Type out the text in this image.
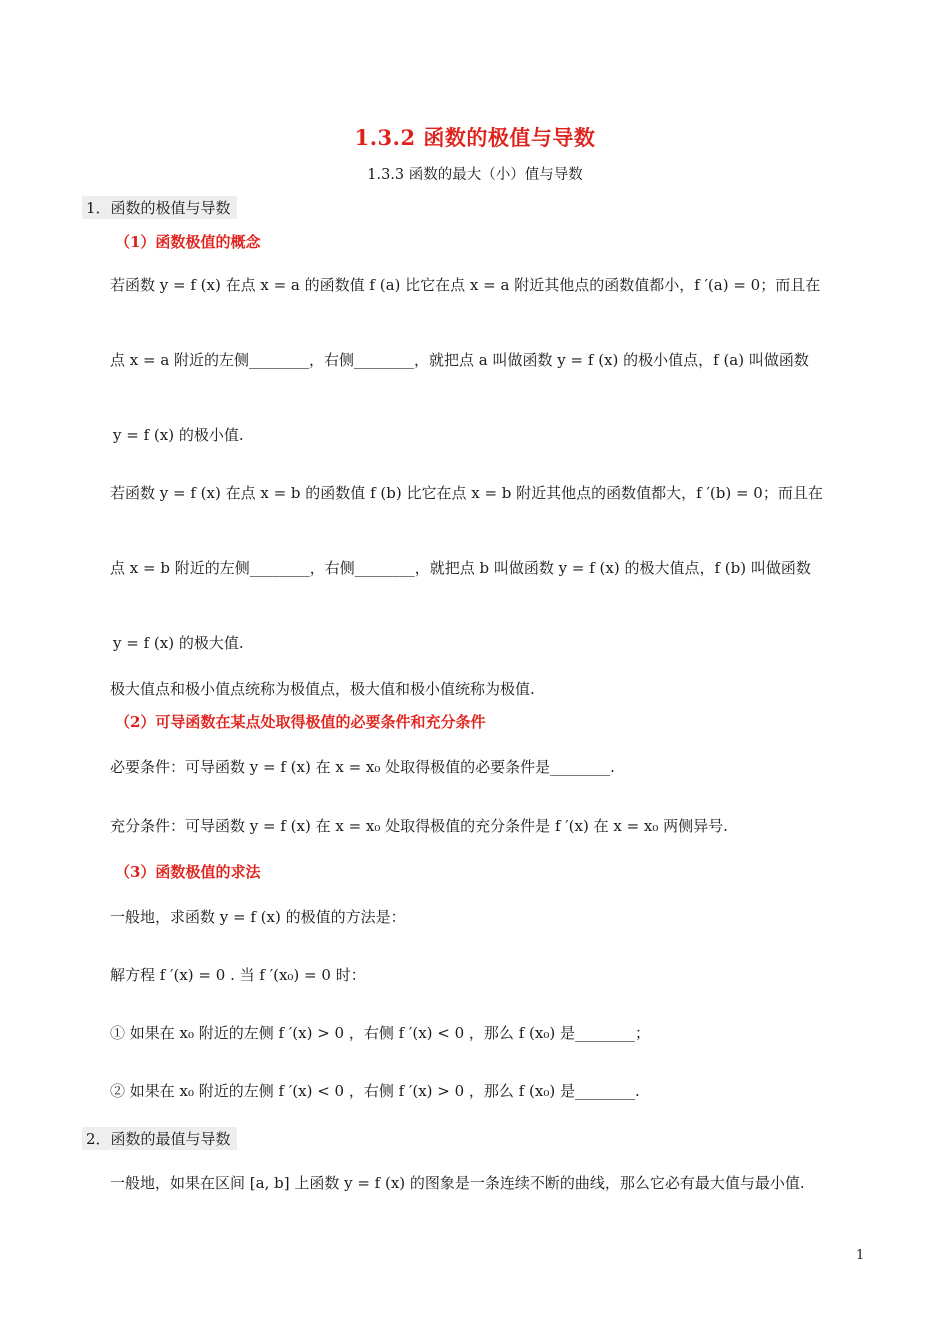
1.3.2 函数的极值与导数
1.3.3 函数的最大（小）值与导数
1．函数的极值与导数
（1）函数极值的概念
若函数 y = f (x) 在点 x = a 的函数值 f (a) 比它在点 x = a 附近其他点的函数值都小，f ′(a) = 0；而且在
点 x = a 附近的左侧________，右侧________，就把点 a 叫做函数 y = f (x) 的极小值点，f (a) 叫做函数
y = f (x) 的极小值.
若函数 y = f (x) 在点 x = b 的函数值 f (b) 比它在点 x = b 附近其他点的函数值都大，f ′(b) = 0；而且在
点 x = b 附近的左侧________，右侧________，就把点 b 叫做函数 y = f (x) 的极大值点，f (b) 叫做函数
y = f (x) 的极大值.
极大值点和极小值点统称为极值点，极大值和极小值统称为极值.
（2）可导函数在某点处取得极值的必要条件和充分条件
必要条件：可导函数 y = f (x) 在 x = x₀ 处取得极值的必要条件是________.
充分条件：可导函数 y = f (x) 在 x = x₀ 处取得极值的充分条件是 f ′(x) 在 x = x₀ 两侧异号.
（3）函数极值的求法
一般地，求函数 y = f (x) 的极值的方法是：
解方程 f ′(x) = 0 . 当 f ′(x₀) = 0 时：
① 如果在 x₀ 附近的左侧 f ′(x) > 0 ，右侧 f ′(x) < 0 ，那么 f (x₀) 是________；
② 如果在 x₀ 附近的左侧 f ′(x) < 0 ，右侧 f ′(x) > 0 ，那么 f (x₀) 是________.
2．函数的最值与导数
一般地，如果在区间 [a, b] 上函数 y = f (x) 的图象是一条连续不断的曲线，那么它必有最大值与最小值.
1
